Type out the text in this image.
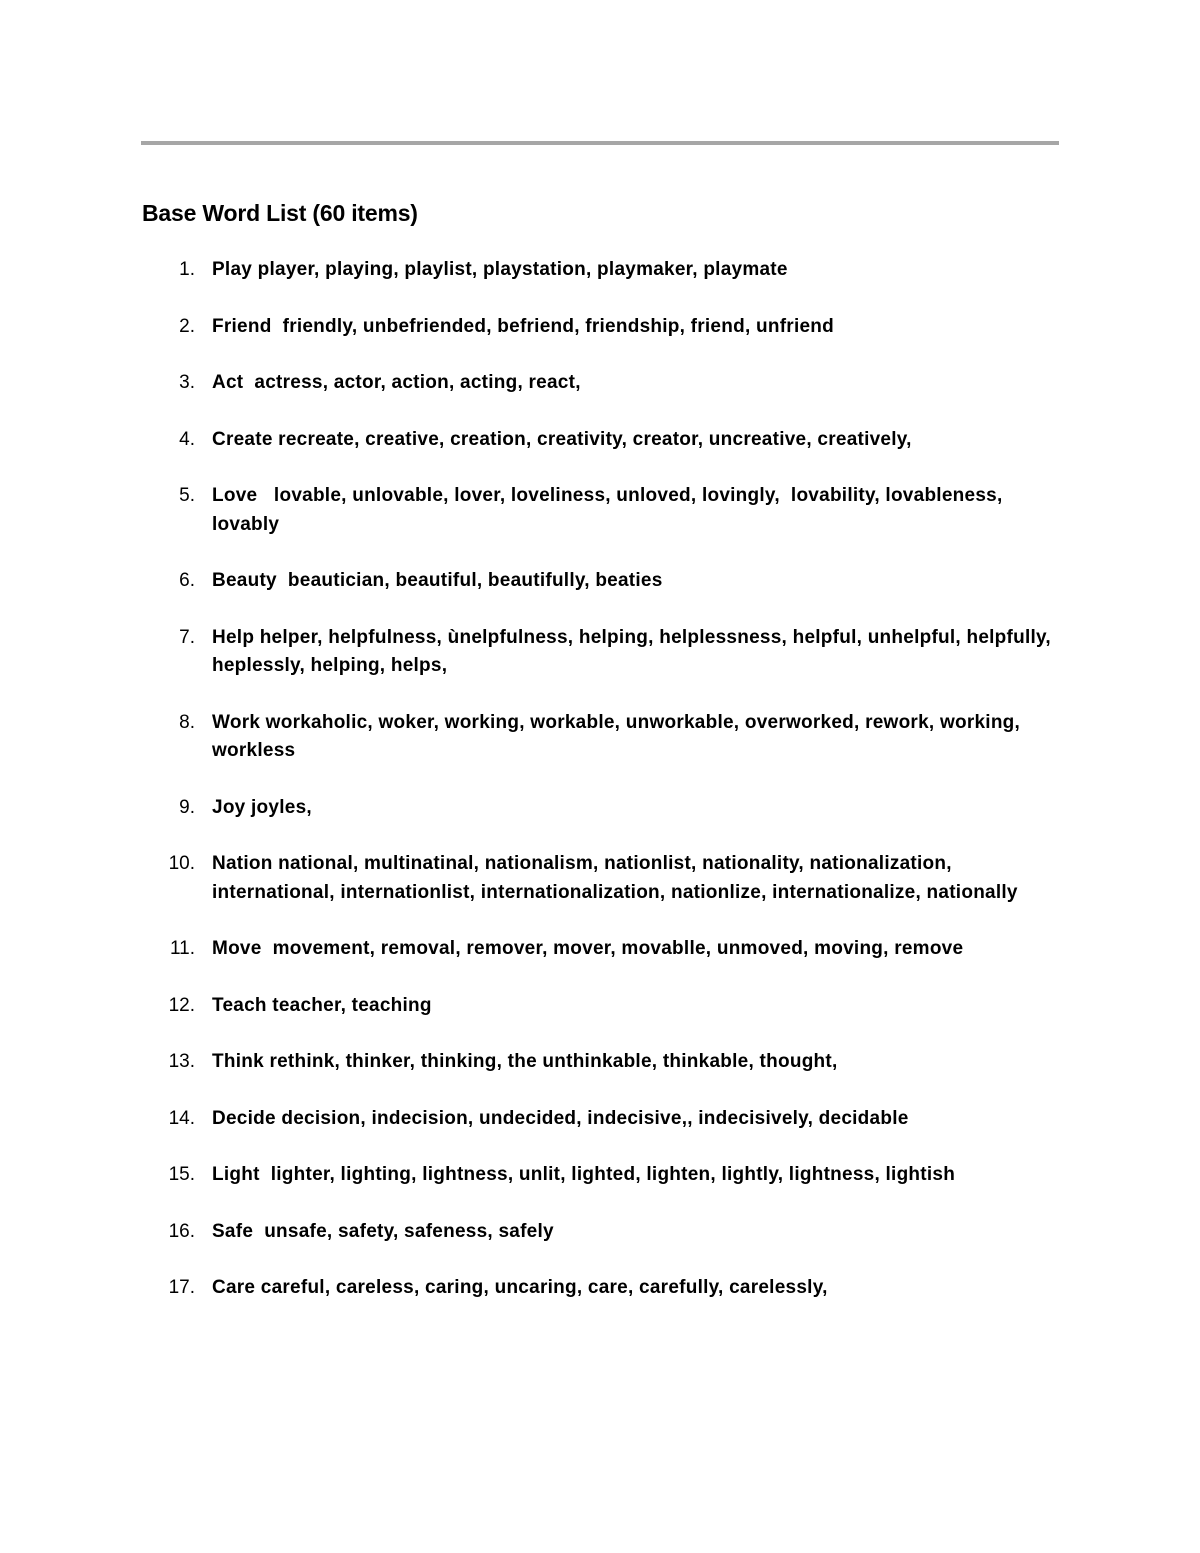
Base Word List (60 items)
1. Play player, playing, playlist, playstation, playmaker, playmate
2. Friend  friendly, unbefriended, befriend, friendship, friend, unfriend
3. Act  actress, actor, action, acting, react,
4. Create recreate, creative, creation, creativity, creator, uncreative, creatively,
5. Love   lovable, unlovable, lover, loveliness, unloved, lovingly,  lovability, lovableness, lovably
6. Beauty  beautician, beautiful, beautifully, beaties
7. Help helper, helpfulness, ùnelpfulness, helping, helplessness, helpful, unhelpful, helpfully, heplessly, helping, helps,
8. Work workaholic, woker, working, workable, unworkable, overworked, rework, working, workless
9. Joy joyles,
10. Nation national, multinatinal, nationalism, nationlist, nationality, nationalization, international, internationlist, internationalization, nationlize, internationalize, nationally
11. Move  movement, removal, remover, mover, movablle, unmoved, moving, remove
12. Teach teacher, teaching
13. Think rethink, thinker, thinking, the unthinkable, thinkable, thought,
14. Decide decision, indecision, undecided, indecisive,, indecisively, decidable
15. Light  lighter, lighting, lightness, unlit, lighted, lighten, lightly, lightness, lightish
16. Safe  unsafe, safety, safeness, safely
17. Care careful, careless, caring, uncaring, care, carefully, carelessly,
